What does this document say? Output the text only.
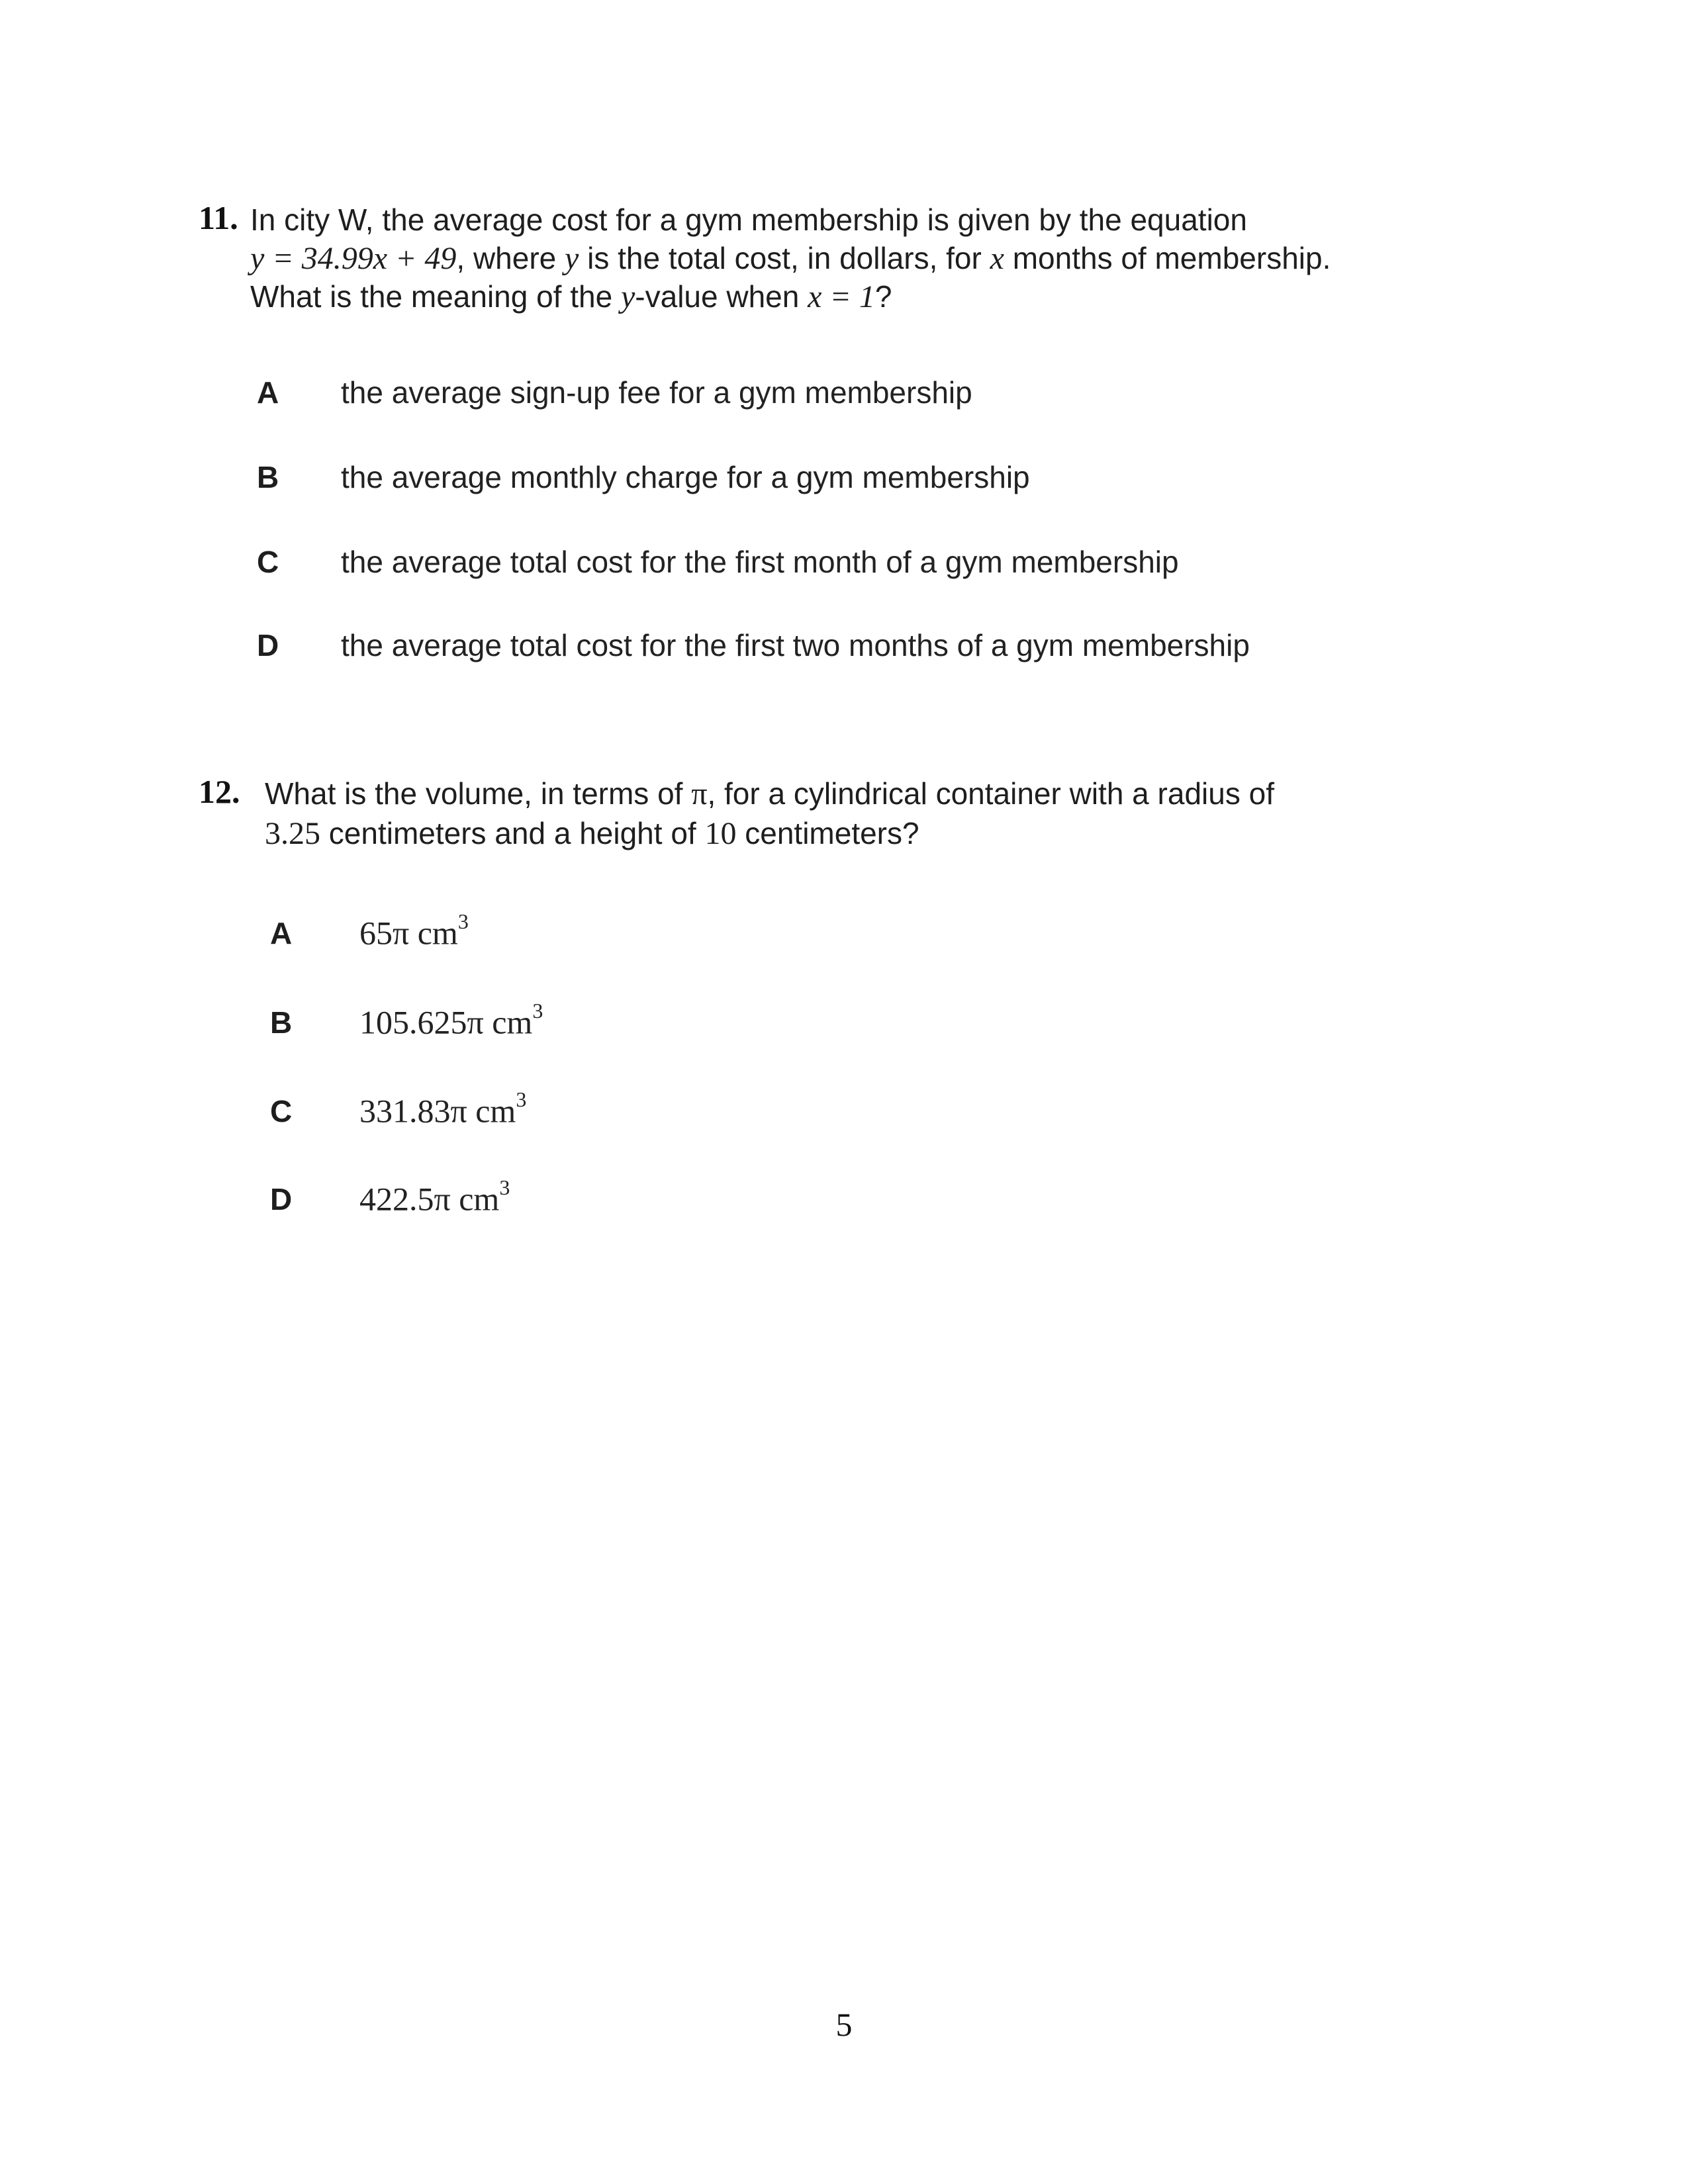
11. In city W, the average cost for a gym membership is given by the equation
y = 34.99x + 49, where y is the total cost, in dollars, for x months of membership.
What is the meaning of the y-value when x = 1?
A the average sign-up fee for a gym membership
B the average monthly charge for a gym membership
C the average total cost for the first month of a gym membership
D the average total cost for the first two months of a gym membership
12. What is the volume, in terms of π, for a cylindrical container with a radius of
3.25 centimeters and a height of 10 centimeters?
A 65π $cm^3$
B 105.625π $cm^3$
C 331.83π $cm^3$
D 422.5π $cm^3$
5
